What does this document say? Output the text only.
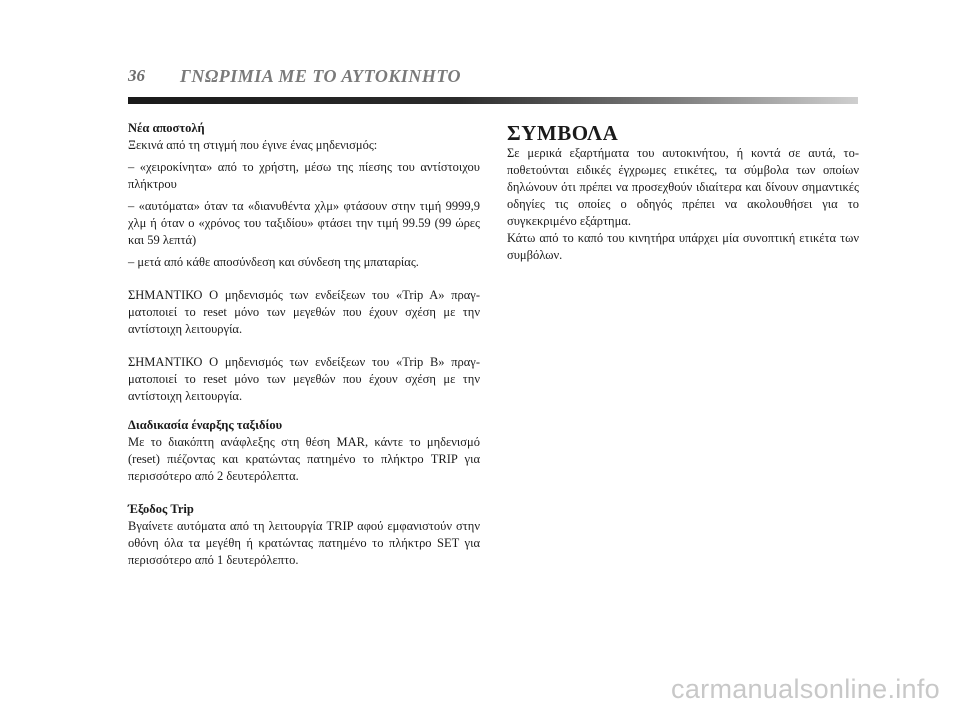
36 ΓΝΩΡΙΜΙΑ ΜΕ ΤΟ ΑΥΤΟΚΙΝΗΤΟ

Νέα αποστολή

Ξεκινά από τη στιγμή που έγινε ένας μηδενισμός:

– «χειροκίνητα» από το χρήστη, μέσω της πίεσης του αντίστοιχου πλήκτρου

– «αυτόματα» όταν τα «διανυθέντα χλμ» φτάσουν στην τιμή 9999,9 χλμ ή όταν ο «χρόνος του ταξιδίου» φτάσει την τιμή 99.59 (99 ώρες και 59 λεπτά)

– μετά από κάθε αποσύνδεση και σύνδεση της μπαταρίας.

ΣΗΜΑΝΤΙΚΟ Ο μηδενισμός των ενδείξεων του «Trip A» πραγματοποιεί το reset μόνο των μεγεθών που έχουν σχέση με την αντίστοιχη λειτουργία.

ΣΗΜΑΝΤΙΚΟ Ο μηδενισμός των ενδείξεων του «Trip B» πραγματοποιεί το reset μόνο των μεγεθών που έχουν σχέση με την αντίστοιχη λειτουργία.

Διαδικασία έναρξης ταξιδίου

Με το διακόπτη ανάφλεξης στη θέση MAR, κάντε το μηδενισμό (reset) πιέζοντας και κρατώντας πατημένο το πλήκτρο TRIP για περισσότερο από 2 δευτερόλεπτα.

Έξοδος Trip

Βγαίνετε αυτόματα από τη λειτουργία TRIP αφού εμφανιστούν στην οθόνη όλα τα μεγέθη ή κρατώντας πατημένο το πλήκτρο SET για περισσότερο από 1 δευτερόλεπτο.

ΣΥΜΒΟΛΑ

Σε μερικά εξαρτήματα του αυτοκινήτου, ή κοντά σε αυτά, τοποθετούνται ειδικές έγχρωμες ετικέτες, τα σύμβολα των οποίων δηλώνουν ότι πρέπει να προσεχθούν ιδιαίτερα και δίνουν σημαντικές οδηγίες τις οποίες ο οδηγός πρέπει να ακολουθήσει για το συγκεκριμένο εξάρτημα.

Κάτω από το καπό του κινητήρα υπάρχει μία συνοπτική ετικέτα των συμβόλων.

carmanualsonline.info
